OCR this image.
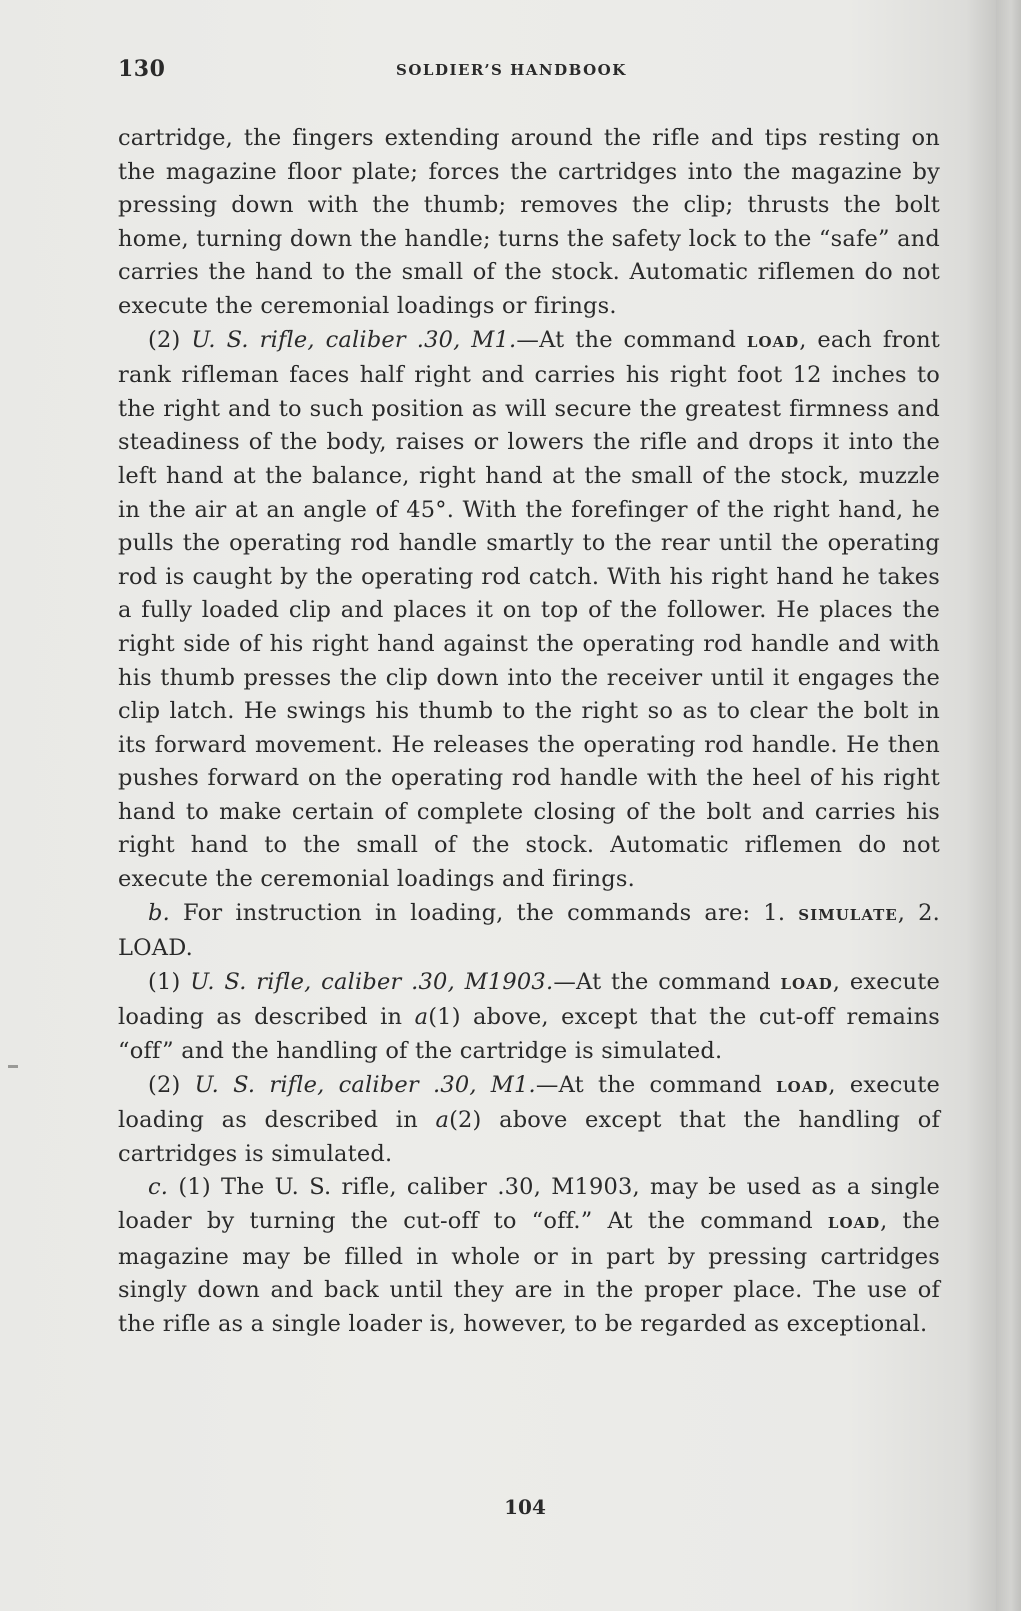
130	SOLDIER’S HANDBOOK

cartridge, the fingers extending around the rifle and tips resting on the magazine floor plate; forces the cartridges into the magazine by pressing down with the thumb; removes the clip; thrusts the bolt home, turning down the handle; turns the safety lock to the “safe” and carries the hand to the small of the stock. Automatic riflemen do not execute the ceremonial loadings or firings.

(2) U. S. rifle, caliber .30, M1.—At the command LOAD, each front rank rifleman faces half right and carries his right foot 12 inches to the right and to such position as will secure the greatest firmness and steadiness of the body, raises or lowers the rifle and drops it into the left hand at the balance, right hand at the small of the stock, muzzle in the air at an angle of 45°. With the forefinger of the right hand, he pulls the operating rod handle smartly to the rear until the operating rod is caught by the operating rod catch. With his right hand he takes a fully loaded clip and places it on top of the follower. He places the right side of his right hand against the operating rod handle and with his thumb presses the clip down into the receiver until it engages the clip latch. He swings his thumb to the right so as to clear the bolt in its forward movement. He releases the operating rod handle. He then pushes forward on the operating rod handle with the heel of his right hand to make certain of complete closing of the bolt and carries his right hand to the small of the stock. Automatic riflemen do not execute the ceremonial loadings and firings.

b. For instruction in loading, the commands are: 1. SIMULATE, 2. LOAD.

(1) U. S. rifle, caliber .30, M1903.—At the command LOAD, execute loading as described in a(1) above, except that the cut-off remains “off” and the handling of the cartridge is simulated.

(2) U. S. rifle, caliber .30, M1.—At the command LOAD, execute loading as described in a(2) above except that the handling of cartridges is simulated.

c. (1) The U. S. rifle, caliber .30, M1903, may be used as a single loader by turning the cut-off to “off.” At the command LOAD, the magazine may be filled in whole or in part by pressing cartridges singly down and back until they are in the proper place. The use of the rifle as a single loader is, however, to be regarded as exceptional.

104
